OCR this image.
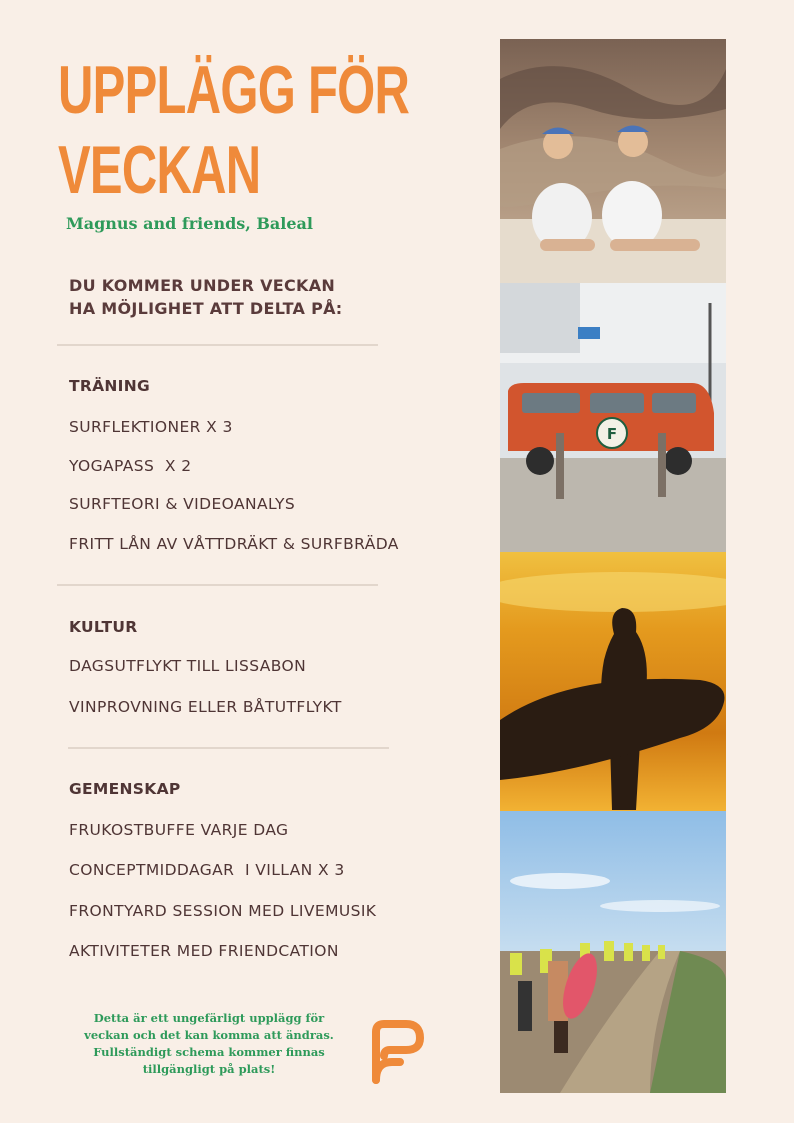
UPPLÄGG FÖR
VECKAN
Magnus and friends, Baleal
DU KOMMER UNDER VECKAN
HA MÖJLIGHET ATT DELTA PÅ:
TRÄNING
SURFLEKTIONER X 3
YOGAPASS  X 2
SURFTEORI & VIDEOANALYS
FRITT LÅN AV VÅTTDRÄKT & SURFBRÄDA
KULTUR
DAGSUTFLYKT TILL LISSABON
VINPROVNING ELLER BÅTUTFLYKT
GEMENSKAP
FRUKOSTBUFFE VARJE DAG
CONCEPTMIDDAGAR  I VILLAN X 3
FRONTYARD SESSION MED LIVEMUSIK
AKTIVITETER MED FRIENDCATION
Detta är ett ungefärligt upplägg för
veckan och det kan komma att ändras.
Fullständigt schema kommer finnas
tillgängligt på plats!
F
